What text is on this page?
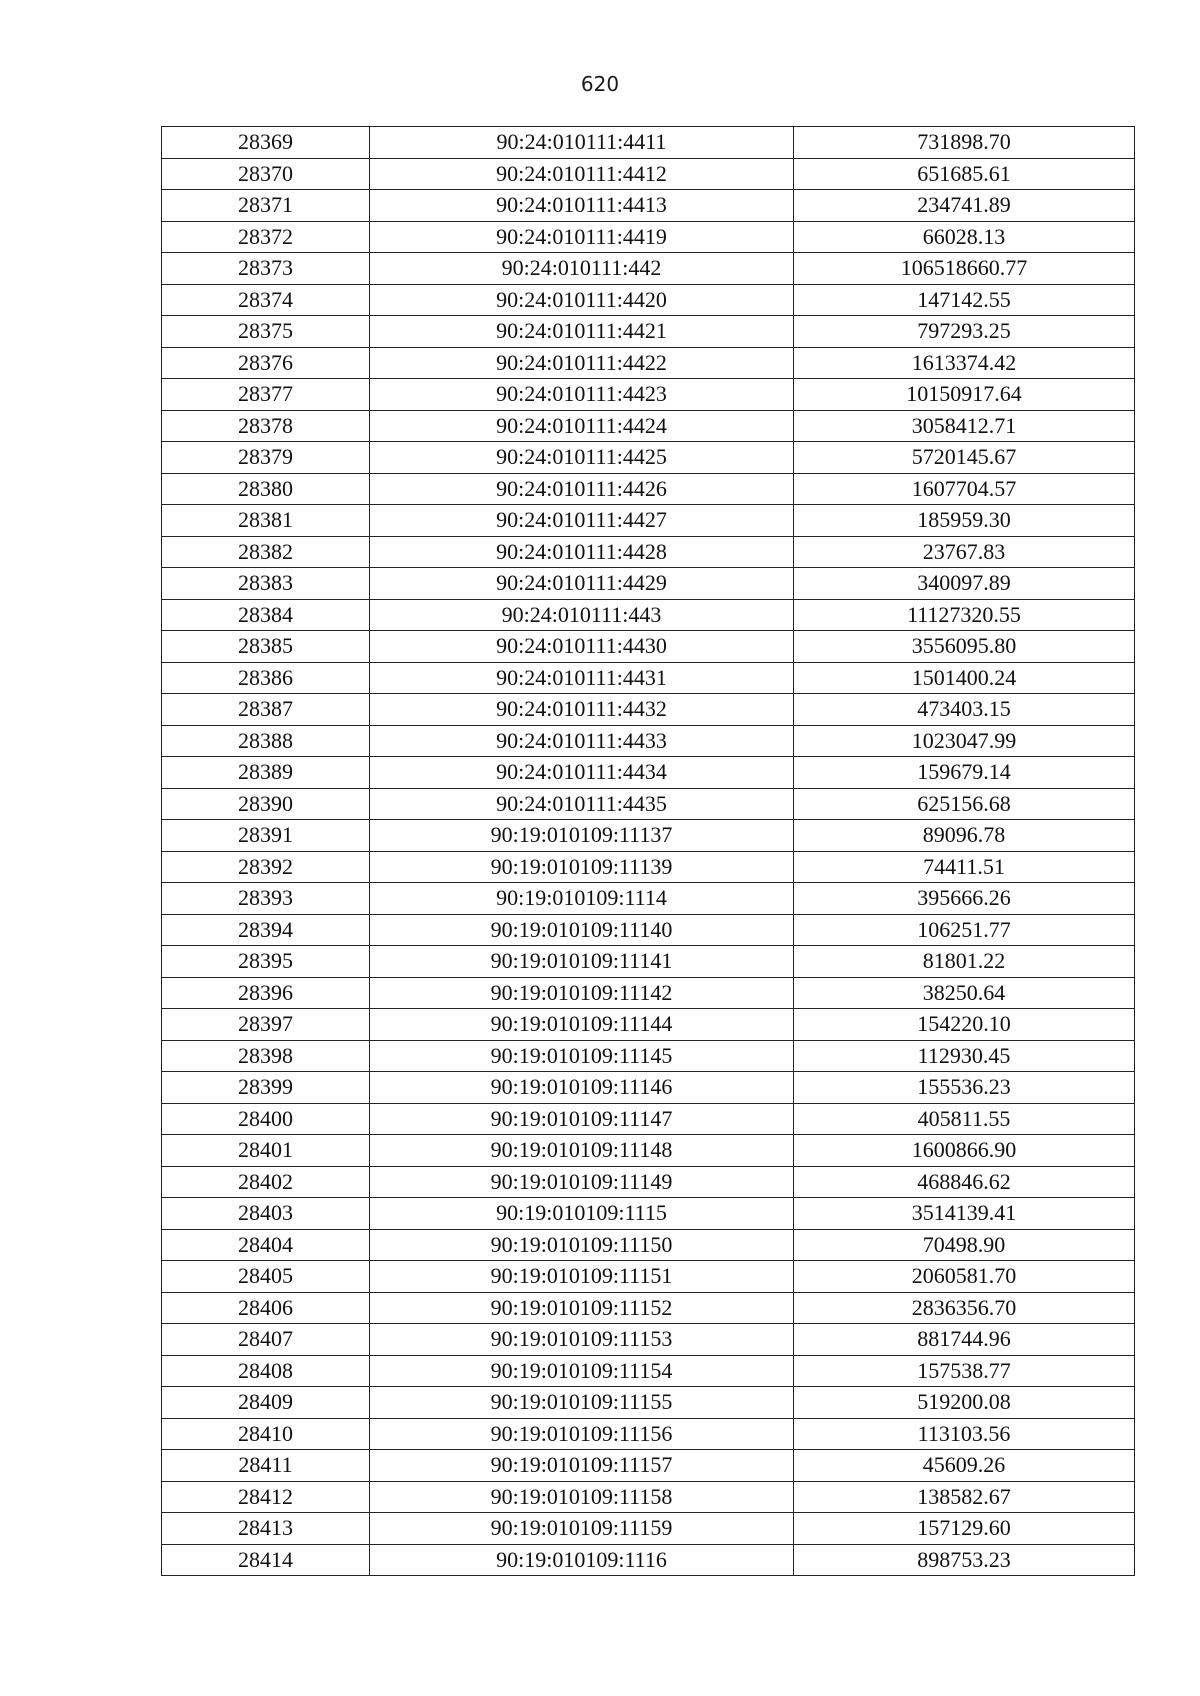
620
28369	90:24:010111:4411	731898.70
28370	90:24:010111:4412	651685.61
28371	90:24:010111:4413	234741.89
28372	90:24:010111:4419	66028.13
28373	90:24:010111:442	106518660.77
28374	90:24:010111:4420	147142.55
28375	90:24:010111:4421	797293.25
28376	90:24:010111:4422	1613374.42
28377	90:24:010111:4423	10150917.64
28378	90:24:010111:4424	3058412.71
28379	90:24:010111:4425	5720145.67
28380	90:24:010111:4426	1607704.57
28381	90:24:010111:4427	185959.30
28382	90:24:010111:4428	23767.83
28383	90:24:010111:4429	340097.89
28384	90:24:010111:443	11127320.55
28385	90:24:010111:4430	3556095.80
28386	90:24:010111:4431	1501400.24
28387	90:24:010111:4432	473403.15
28388	90:24:010111:4433	1023047.99
28389	90:24:010111:4434	159679.14
28390	90:24:010111:4435	625156.68
28391	90:19:010109:11137	89096.78
28392	90:19:010109:11139	74411.51
28393	90:19:010109:1114	395666.26
28394	90:19:010109:11140	106251.77
28395	90:19:010109:11141	81801.22
28396	90:19:010109:11142	38250.64
28397	90:19:010109:11144	154220.10
28398	90:19:010109:11145	112930.45
28399	90:19:010109:11146	155536.23
28400	90:19:010109:11147	405811.55
28401	90:19:010109:11148	1600866.90
28402	90:19:010109:11149	468846.62
28403	90:19:010109:1115	3514139.41
28404	90:19:010109:11150	70498.90
28405	90:19:010109:11151	2060581.70
28406	90:19:010109:11152	2836356.70
28407	90:19:010109:11153	881744.96
28408	90:19:010109:11154	157538.77
28409	90:19:010109:11155	519200.08
28410	90:19:010109:11156	113103.56
28411	90:19:010109:11157	45609.26
28412	90:19:010109:11158	138582.67
28413	90:19:010109:11159	157129.60
28414	90:19:010109:1116	898753.23
